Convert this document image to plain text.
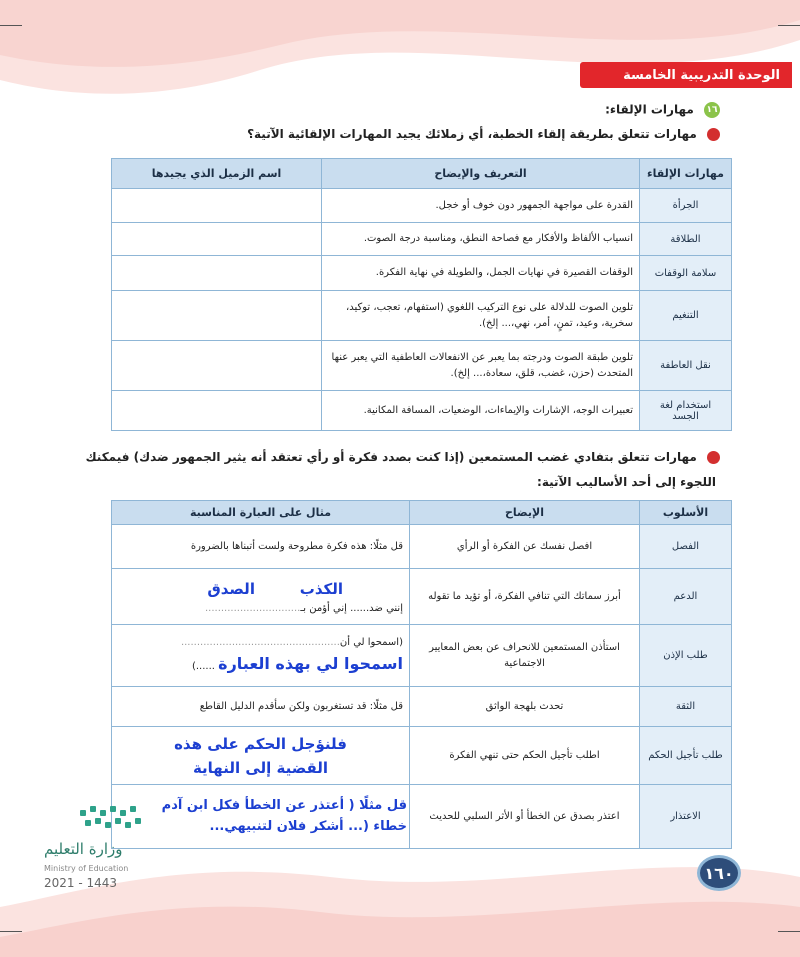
الوحدة التدريبية الخامسة
١٦ مهارات الإلقاء:
مهارات تتعلق بطريقة إلقاء الخطبة، أي زملائك يجيد المهارات الإلقائية الآتية؟
مهارات الإلقاء	التعريف والإيضاح	اسم الزميل الذي يجيدها
الجرأة	القدرة على مواجهة الجمهور دون خوف أو خجل.	
الطلاقة	انسياب الألفاظ والأفكار مع فصاحة النطق، ومناسبة درجة الصوت.	
سلامة الوقفات	الوقفات القصيرة في نهايات الجمل، والطويلة في نهاية الفكرة.	
التنغيم	تلوين الصوت للدلالة على نوع التركيب اللغوي (استفهام، تعجب، توكيد، سخرية، وعيد، تمنٍ، أمر، نهي،... إلخ).	
نقل العاطفة	تلوين طبقة الصوت ودرجته بما يعبر عن الانفعالات العاطفية التي يعبر عنها المتحدث (حزن، غضب، قلق، سعادة،... إلخ).	
استخدام لغة الجسد	تعبيرات الوجه، الإشارات والإيماءات، الوضعيات، المسافة المكانية.	
مهارات تتعلق بتفادي غضب المستمعين (إذا كنت بصدد فكرة أو رأي تعتقد أنه يثير الجمهور ضدك) فيمكنك
اللجوء إلى أحد الأساليب الآتية:
الأسلوب	الإيضاح	مثال على العبارة المناسبة
الفصل	افصل نفسك عن الفكرة أو الرأي	قل مثلًا: هذه فكرة مطروحة ولست أتبناها بالضرورة
الدعم	أبرز سماتك التي تنافي الفكرة، أو تؤيد ما تقوله	الكذب الصدق
إنني ضد...... إني أؤمن بـ..............................

طلب الإذن	استأذن المستمعين للانحراف عن بعض المعايير الاجتماعية	(اسمحوا لي أن..................................................
اسمحوا لي بهذه العبارة ......)

الثقة	تحدث بلهجة الواثق	قل مثلًا: قد تستغربون ولكن سأقدم الدليل القاطع
طلب تأجيل الحكم	اطلب تأجيل الحكم حتى تنهي الفكرة	فلنؤجل الحكم على هذه
القضية إلى النهاية

الاعتذار	اعتذر بصدق عن الخطأ أو الأثر السلبي للحديث	قل مثلًا ( أعتذر عن الخطأ فكل ابن آدم
خطاء (... أشكر فلان لتنبيهي...
وزارة التعليم
Ministry of Education
2021 - 1443
١٦٠
